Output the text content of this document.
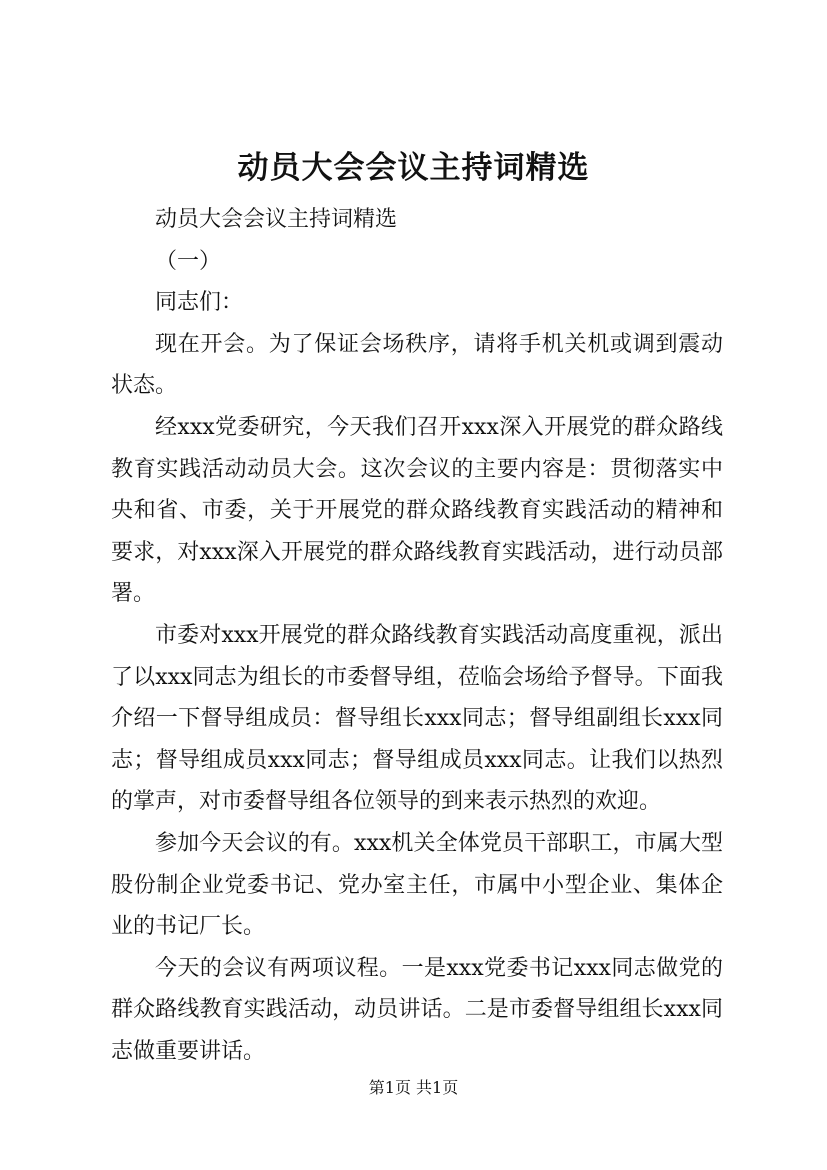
动员大会会议主持词精选

动员大会会议主持词精选

（一）

同志们：

现在开会。为了保证会场秩序，请将手机关机或调到震动状态。

经xxx党委研究，今天我们召开xxx深入开展党的群众路线教育实践活动动员大会。这次会议的主要内容是：贯彻落实中央和省、市委，关于开展党的群众路线教育实践活动的精神和要求，对xxx深入开展党的群众路线教育实践活动，进行动员部署。

市委对xxx开展党的群众路线教育实践活动高度重视，派出了以xxx同志为组长的市委督导组，莅临会场给予督导。下面我介绍一下督导组成员：督导组长xxx同志；督导组副组长xxx同志；督导组成员xxx同志；督导组成员xxx同志。让我们以热烈的掌声，对市委督导组各位领导的到来表示热烈的欢迎。

参加今天会议的有。xxx机关全体党员干部职工，市属大型股份制企业党委书记、党办室主任，市属中小型企业、集体企业的书记厂长。

今天的会议有两项议程。一是xxx党委书记xxx同志做党的群众路线教育实践活动，动员讲话。二是市委督导组组长xxx同志做重要讲话。

第1页 共1页
